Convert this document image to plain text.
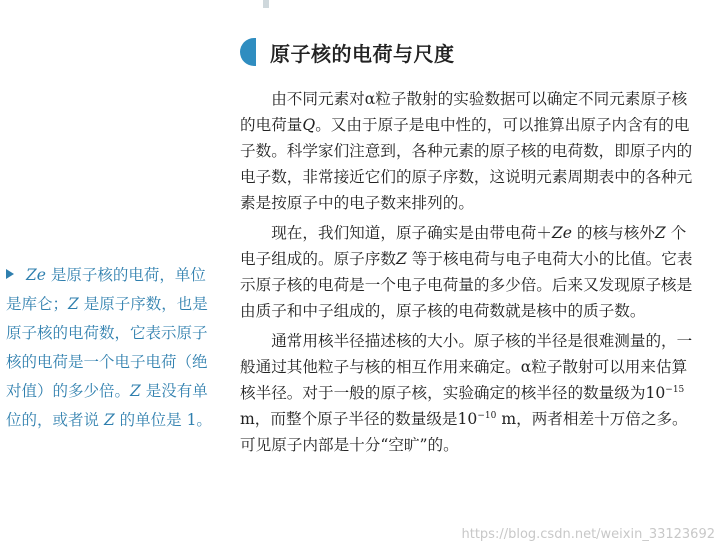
原子核的电荷与尺度

由不同元素对α粒子散射的实验数据可以确定不同元素原子核的电荷量Q。又由于原子是电中性的，可以推算出原子内含有的电子数。科学家们注意到，各种元素的原子核的电荷数，即原子内的电子数，非常接近它们的原子序数，这说明元素周期表中的各种元素是按原子中的电子数来排列的。

现在，我们知道，原子确实是由带电荷＋Ze 的核与核外Z 个电子组成的。原子序数Z 等于核电荷与电子电荷大小的比值。它表示原子核的电荷是一个电子电荷量的多少倍。后来又发现原子核是由质子和中子组成的，原子核的电荷数就是核中的质子数。

通常用核半径描述核的大小。原子核的半径是很难测量的，一般通过其他粒子与核的相互作用来确定。α粒子散射可以用来估算核半径。对于一般的原子核，实验确定的核半径的数量级为$10^{-15}$ m，而整个原子半径的数量级是$10^{-10}$ m，两者相差十万倍之多。可见原子内部是十分“空旷”的。

Ze 是原子核的电荷，单位是库仑；Z 是原子序数，也是原子核的电荷数，它表示原子核的电荷是一个电子电荷（绝对值）的多少倍。Z 是没有单位的，或者说 Z 的单位是 1。
https://blog.csdn.net/weixin_33123692
